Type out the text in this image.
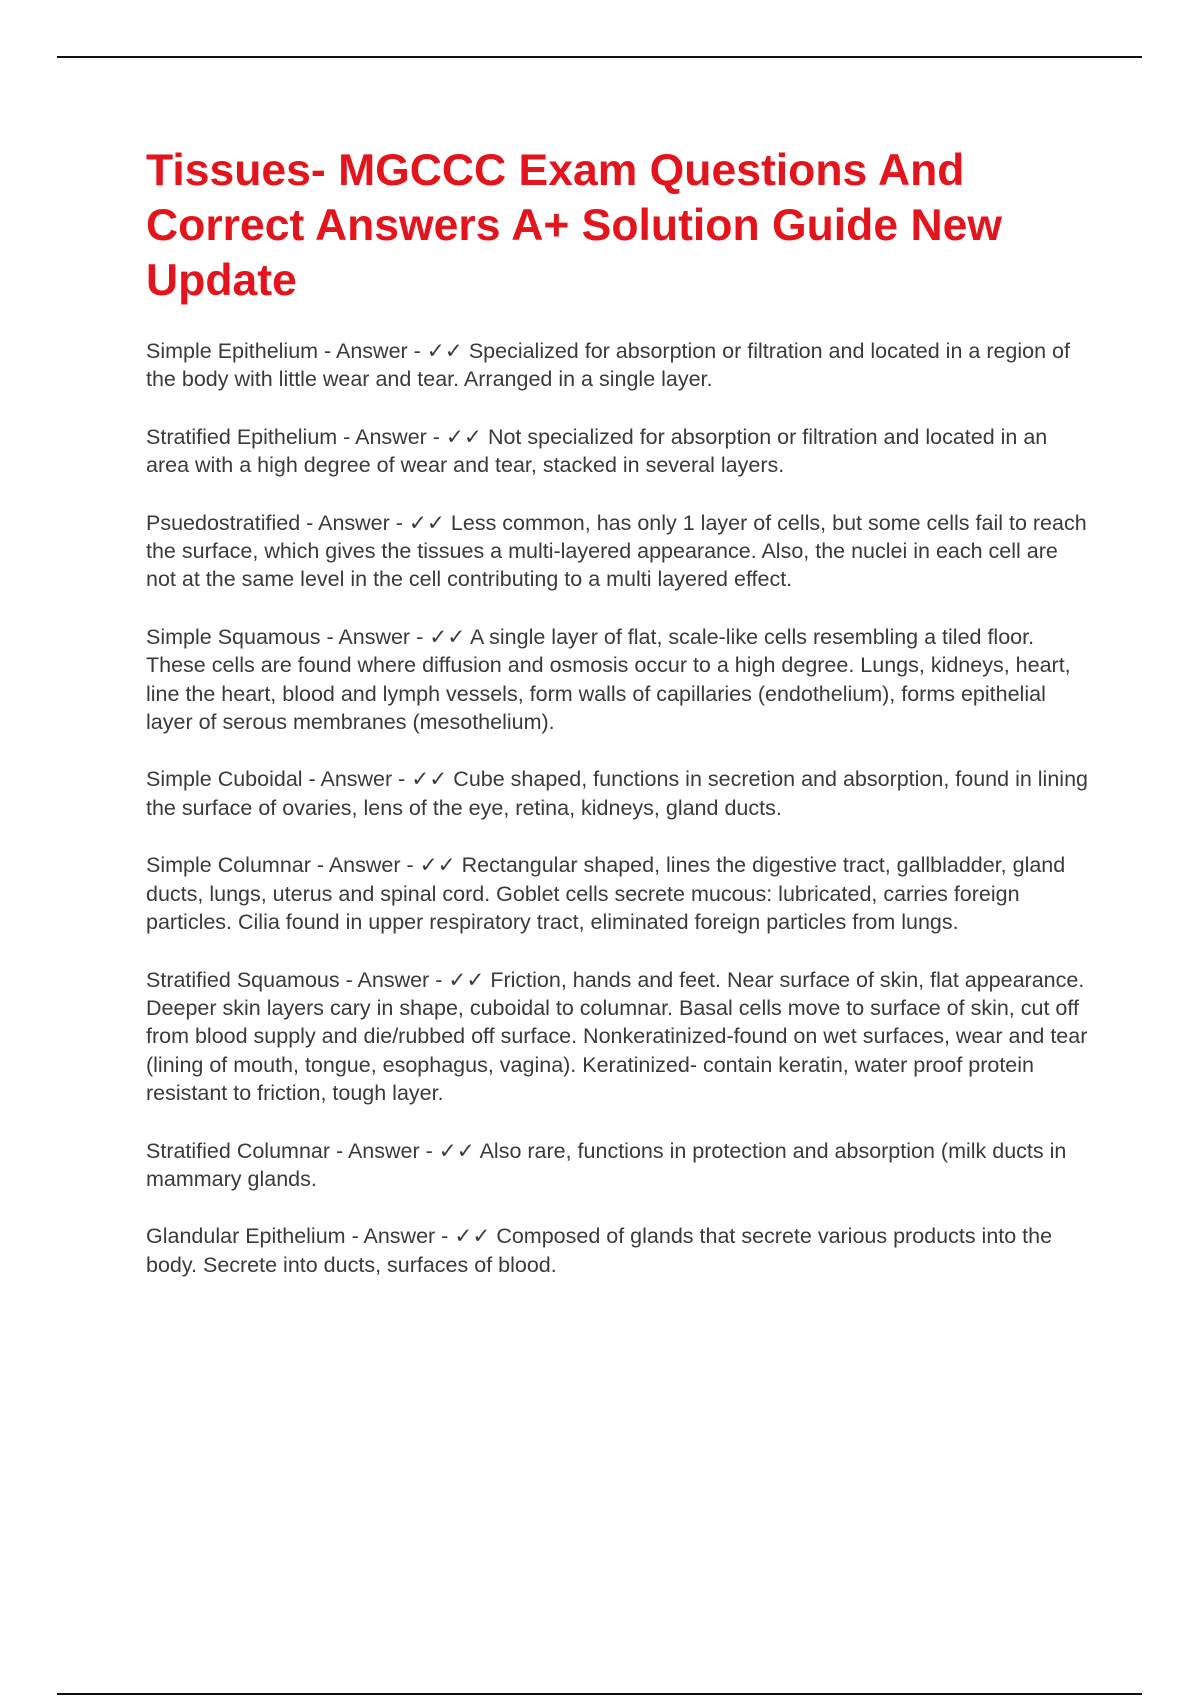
Tissues- MGCCC Exam Questions And Correct Answers A+ Solution Guide New Update

Simple Epithelium - Answer - ✓✓ Specialized for absorption or filtration and located in a region of the body with little wear and tear. Arranged in a single layer.

Stratified Epithelium - Answer - ✓✓ Not specialized for absorption or filtration and located in an area with a high degree of wear and tear, stacked in several layers.

Psuedostratified - Answer - ✓✓ Less common, has only 1 layer of cells, but some cells fail to reach the surface, which gives the tissues a multi-layered appearance. Also, the nuclei in each cell are not at the same level in the cell contributing to a multi layered effect.

Simple Squamous - Answer - ✓✓ A single layer of flat, scale-like cells resembling a tiled floor. These cells are found where diffusion and osmosis occur to a high degree. Lungs, kidneys, heart, line the heart, blood and lymph vessels, form walls of capillaries (endothelium), forms epithelial layer of serous membranes (mesothelium).

Simple Cuboidal - Answer - ✓✓ Cube shaped, functions in secretion and absorption, found in lining the surface of ovaries, lens of the eye, retina, kidneys, gland ducts.

Simple Columnar - Answer - ✓✓ Rectangular shaped, lines the digestive tract, gallbladder, gland ducts, lungs, uterus and spinal cord. Goblet cells secrete mucous: lubricated, carries foreign particles. Cilia found in upper respiratory tract, eliminated foreign particles from lungs.

Stratified Squamous - Answer - ✓✓ Friction, hands and feet. Near surface of skin, flat appearance. Deeper skin layers cary in shape, cuboidal to columnar. Basal cells move to surface of skin, cut off from blood supply and die/rubbed off surface. Nonkeratinized-found on wet surfaces, wear and tear (lining of mouth, tongue, esophagus, vagina). Keratinized- contain keratin, water proof protein resistant to friction, tough layer.

Stratified Columnar - Answer - ✓✓ Also rare, functions in protection and absorption (milk ducts in mammary glands.

Glandular Epithelium - Answer - ✓✓ Composed of glands that secrete various products into the body. Secrete into ducts, surfaces of blood.
